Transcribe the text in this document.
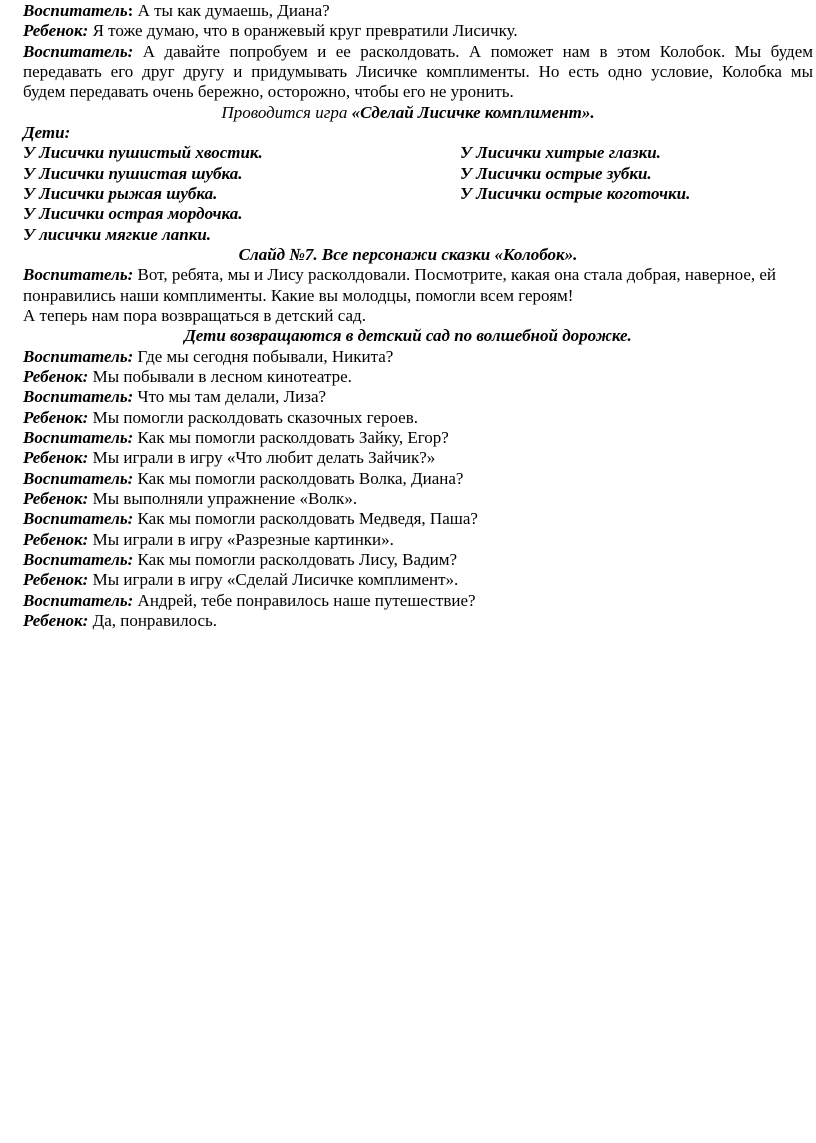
Воспитатель: А ты как думаешь, Диана?
Ребенок: Я тоже думаю, что в оранжевый круг превратили Лисичку.
Воспитатель: А давайте попробуем и ее расколдовать. А поможет нам в этом Колобок. Мы будем
передавать его друг другу и придумывать Лисичке комплименты. Но есть одно условие, Колобка мы
будем передавать очень бережно, осторожно, чтобы его не уронить.
Проводится игра «Сделай Лисичке комплимент».
Дети:
У Лисички пушистый хвостик.	У Лисички хитрые глазки.
У Лисички пушистая шубка.	У Лисички острые зубки.
У Лисички рыжая шубка.	У Лисички острые коготочки.
У Лисички острая мордочка.
У лисички мягкие лапки.
Слайд №7. Все персонажи сказки «Колобок».
Воспитатель: Вот, ребята, мы и Лису расколдовали. Посмотрите, какая она стала добрая, наверное, ей
понравились наши комплименты. Какие вы молодцы, помогли всем героям!
А теперь нам пора возвращаться в детский сад.
Дети возвращаются в детский сад по волшебной дорожке.
Воспитатель: Где мы сегодня побывали, Никита?
Ребенок: Мы побывали в лесном кинотеатре.
Воспитатель: Что мы там делали, Лиза?
Ребенок: Мы помогли расколдовать сказочных героев.
Воспитатель: Как мы помогли расколдовать Зайку, Егор?
Ребенок: Мы играли в игру «Что любит делать Зайчик?»
Воспитатель: Как мы помогли расколдовать Волка, Диана?
Ребенок: Мы выполняли упражнение «Волк».
Воспитатель: Как мы помогли расколдовать Медведя, Паша?
Ребенок: Мы играли в игру «Разрезные картинки».
Воспитатель: Как мы помогли расколдовать Лису, Вадим?
Ребенок: Мы играли в игру «Сделай Лисичке комплимент».
Воспитатель: Андрей, тебе понравилось наше путешествие?
Ребенок: Да, понравилось.
